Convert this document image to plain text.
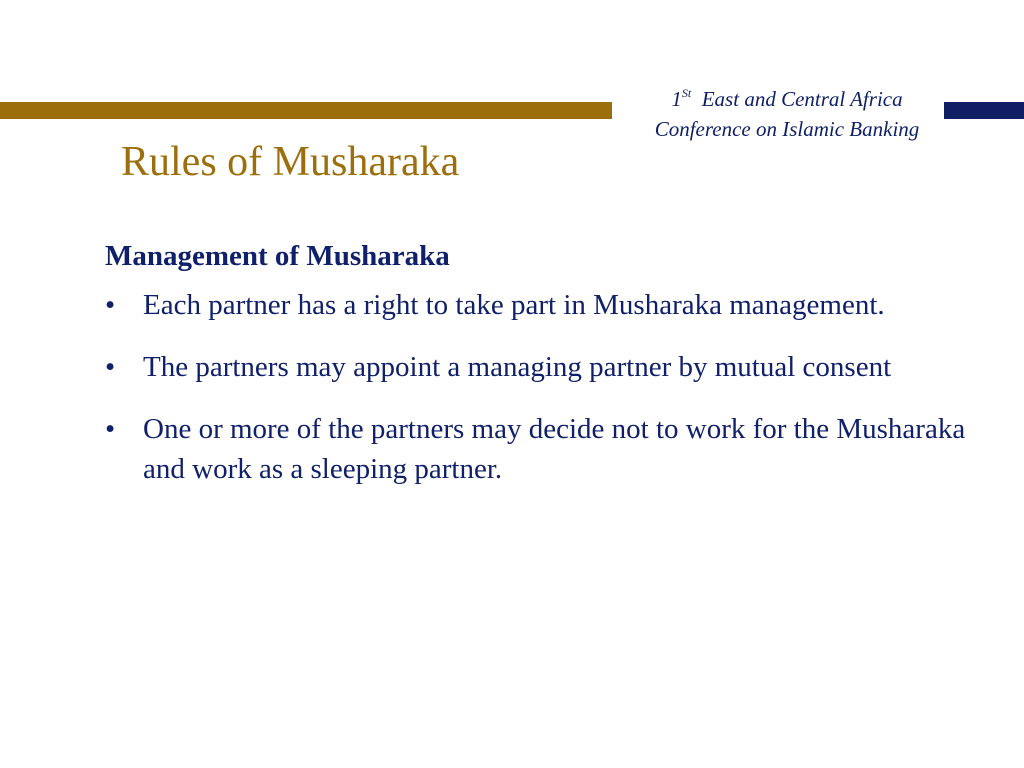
1St East and Central Africa
Conference on Islamic Banking
Rules of Musharaka
Management of Musharaka
• Each partner has a right to take part in Musharaka management.
• The partners may appoint a managing partner by mutual consent
• One or more of the partners may decide not to work for the Musharaka and work as a sleeping partner.
